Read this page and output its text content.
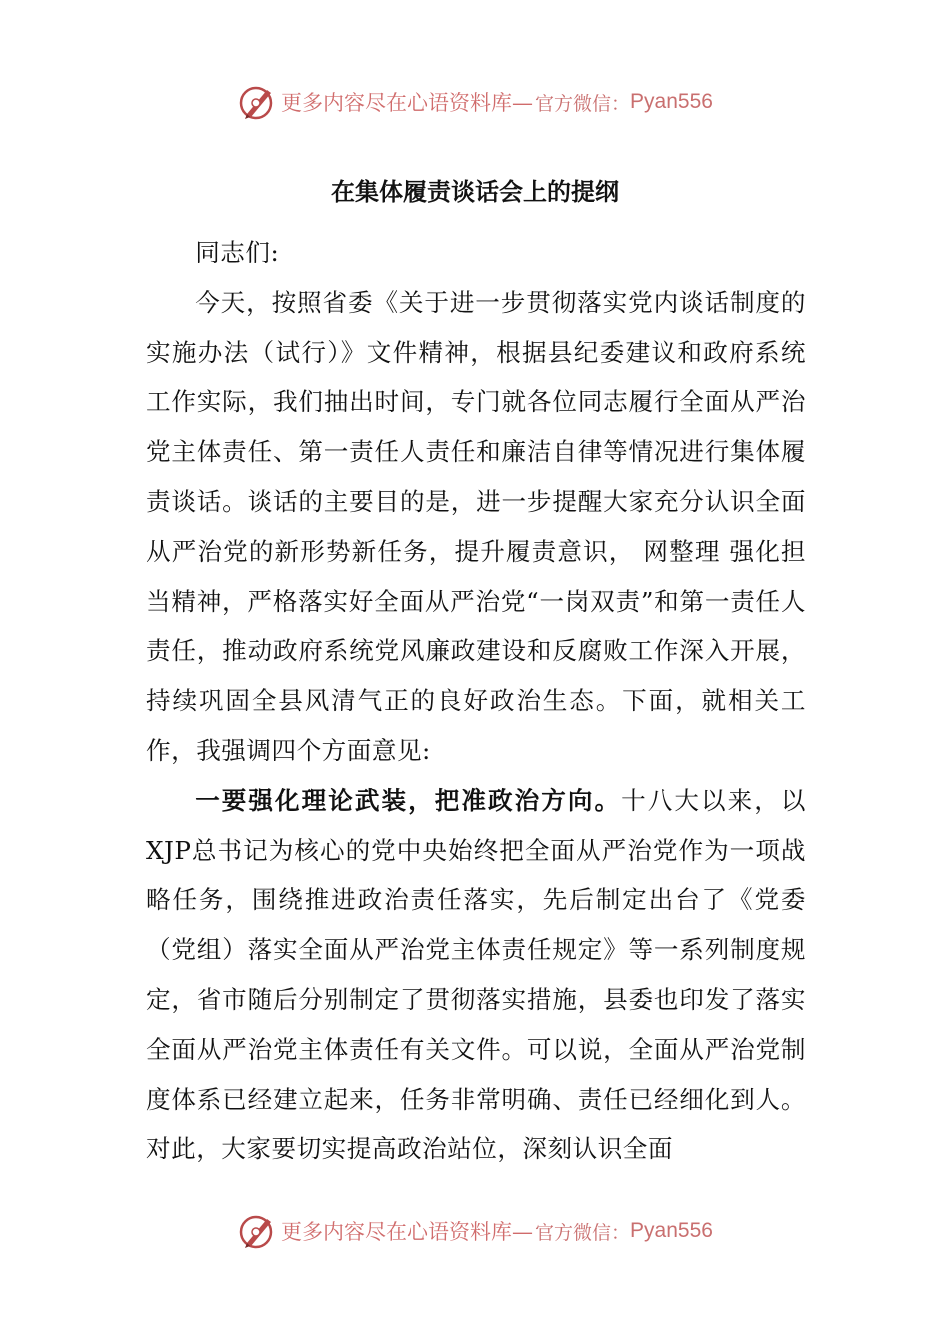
更多内容尽在心语资料库— 官方微信： Pyan556
在集体履责谈话会上的提纲

同志们:

今天，按照省委《关于进一步贯彻落实党内谈话制度的实施办法（试行）》文件精神，根据县纪委建议和政府系统工作实际，我们抽出时间，专门就各位同志履行全面从严治党主体责任、第一责任人责任和廉洁自律等情况进行集体履责谈话。谈话的主要目的是，进一步提醒大家充分认识全面从严治党的新形势新任务，提升履责意识， 网整理 强化担当精神，严格落实好全面从严治党“一岗双责”和第一责任人责任，推动政府系统党风廉政建设和反腐败工作深入开展，持续巩固全县风清气正的良好政治生态。下面，就相关工作，我强调四个方面意见:

一要强化理论武装，把准政治方向。十八大以来，以XJP总书记为核心的党中央始终把全面从严治党作为一项战略任务，围绕推进政治责任落实，先后制定出台了《党委（党组）落实全面从严治党主体责任规定》等一系列制度规定，省市随后分别制定了贯彻落实措施，县委也印发了落实全面从严治党主体责任有关文件。可以说，全面从严治党制度体系已经建立起来，任务非常明确、责任已经细化到人。对此，大家要切实提高政治站位，深刻认识全面

更多内容尽在心语资料库— 官方微信： Pyan556
